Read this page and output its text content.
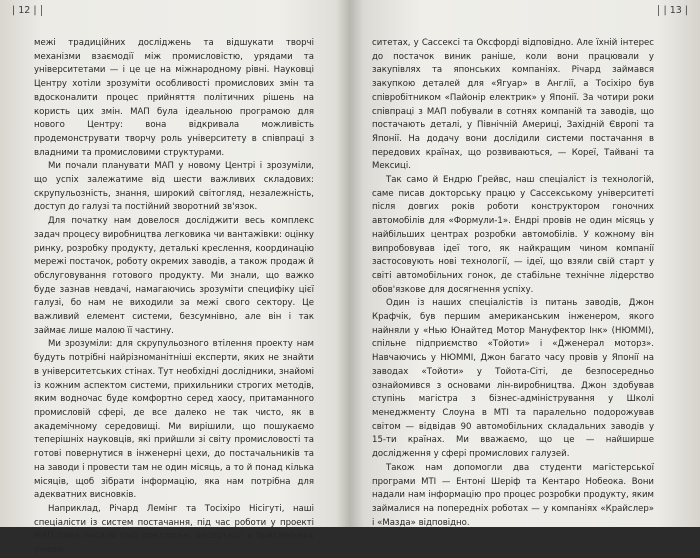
| 12 |

межі традиційних досліджень та відшукати творчі механізми взаємодії між промисловістю, урядами та університетами — і це це на міжнародному рівні. Науковці Центру хотіли зрозуміти особливості промислових змін та вдосконалити процес прийняття політичних рішень на користь цих змін. МАП була ідеальною програмою для нового Центру: вона відкривала можливість продемонструвати творчу роль університету в співпраці з владними та промисловими структурами.

Ми почали планувати МАП у новому Центрі і зрозуміли, що успіх залежатиме від шести важливих складових: скрупульозність, знання, широкий світогляд, незалежність, доступ до галузі та постійний зворотний зв'язок.

Для початку нам довелося досліджити весь комплекс задач процесу виробництва легковика чи вантажівки: оцінку ринку, розробку продукту, деталькі креслення, координацію мережі постачок, роботу окремих заводів, а також продаж й обслуговування готового продукту. Ми знали, що важко буде зазнав невдачі, намагаючись зрозуміти специфіку цієї галузі, бо нам не виходили за межі свого сектору. Це важливий елемент системи, безсумнівно, але він і так займає лише малою її частину.

Ми зрозуміли: для скрупульозного втілення проекту нам будуть потрібні найрізноманітніші експерти, яких не знайти в університетських стінах. Тут необхідні дослідники, знайомі із кожним аспектом системи, прихильники строгих методів, яким водночас буде комфортно серед хаосу, притаманного промисловій сфері, де все далеко не так чисто, як в академічному середовищі. Ми вирішили, що пошукаємо теперішніх науковців, які прийшли зі світу промисловості та готові повернутися в інженерні цехи, до постачальників та на заводи і провести там не один місяць, а то й понад кілька місяців, щоб зібрати інформацію, яка нам потрібна для адекватних висновків.

Наприклад, Річард Лемінг та Тосіхіро Нісігуті, наші спеціалісти із систем постачання, під час роботи у проекті МАП саме писали свої докторські дисертації в британських універ-

| 13 |

ситетах, у Сассексі та Оксфорді відповідно. Але їхній інтерес до постачок виник раніше, коли вони працювали у закупівлях та японських компаніях. Річард займався закупкою деталей для «Ягуар» в Англії, а Тосіхіро був співробітником «Пайонір електрик» у Японії. За чотири роки співпраці з МАП побували в сотнях компаній та заводів, що постачають деталі, у Північній Америці, Західній Європі та Японії. На додачу вони дослідили системи постачання в передових країнах, що розвиваються, — Кореї, Тайвані та Мексиці.

Так само й Ендрю Грейвс, наш спеціаліст із технологій, саме писав докторську працю у Сассекському університеті після довгих років роботи конструктором гоночних автомобілів для «Формули-1». Ендрі провів не один місяць у найбільших центрах розробки автомобілів. У кожному він випробовував ідеї того, як найкращим чином компанії застосовують нові технології, — ідеї, що взяли свій старт у світі автомобільних гонок, де стабільне технічне лідерство обов'язкове для досягнення успіху.

Один із наших спеціалістів із питань заводів, Джон Крафчік, був першим американським інженером, якого найняли у «Нью Юнайтед Мотор Мануфектор Інк» (НЮММІ), спільне підприємство «Тойоти» і «Дженерал моторз». Навчаючись у НЮММІ, Джон багато часу провів у Японії на заводах «Тойоти» у Тойота-Сіті, де безпосередньо ознайомився з основами лін-виробництва. Джон здобував ступінь магістра з бізнес-адміністрування у Школі менеджменту Слоуна в МТІ та паралельно подорожував світом — відвідав 90 автомобільних складальних заводів у 15-ти країнах. Ми вважаємо, що це — найширше дослідження у сфері промислових галузей.

Також нам допомогли два студенти магістерської програми МТІ — Ентоні Шеріф та Кентаро Нобеока. Вони надали нам інформацію про процес розробки продукту, яким займалися на попередніх роботах — у компаніях «Крайслер» і «Мазда» відповідно.
